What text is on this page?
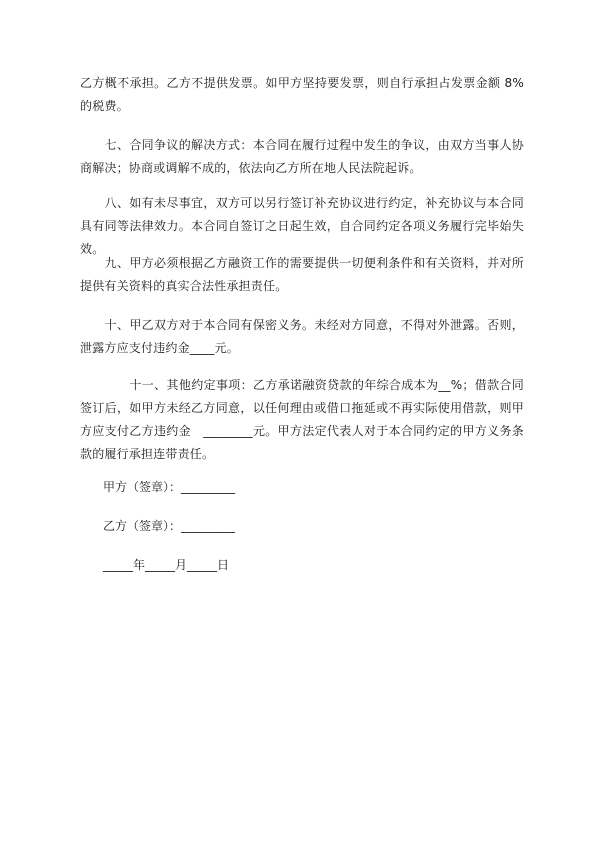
乙方概不承担。乙方不提供发票。如甲方坚持要发票，则自行承担占发票金额 8%的税费。

　　七、合同争议的解决方式：本合同在履行过程中发生的争议，由双方当事人协商解决；协商或调解不成的，依法向乙方所在地人民法院起诉。

　　八、如有未尽事宜，双方可以另行签订补充协议进行约定，补充协议与本合同具有同等法律效力。本合同自签订之日起生效，自合同约定各项义务履行完毕始失效。

　　九、甲方必须根据乙方融资工作的需要提供一切便利条件和有关资料，并对所提供有关资料的真实合法性承担责任。

　　十、甲乙双方对于本合同有保密义务。未经对方同意，不得对外泄露。否则，泄露方应支付违约金____元。

　　　　十一、其他约定事项：乙方承诺融资贷款的年综合成本为__%；借款合同签订后，如甲方未经乙方同意，以任何理由或借口拖延或不再实际使用借款，则甲方应支付乙方违约金　________元。甲方法定代表人对于本合同约定的甲方义务条款的履行承担连带责任。

甲方（签章）：_________

乙方（签章）：_________

_____年_____月_____日
